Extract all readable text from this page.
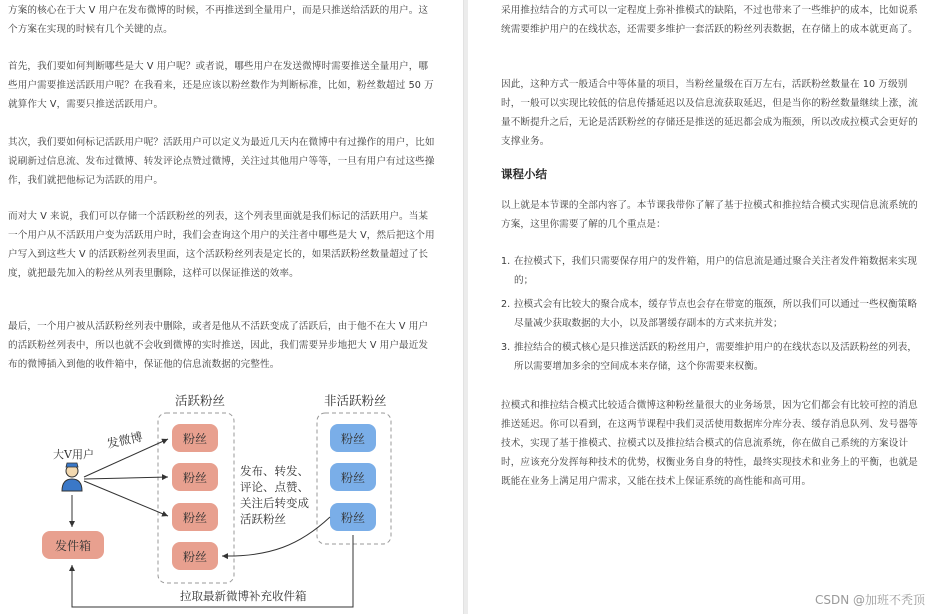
方案的核心在于大 V 用户在发布微博的时候，不再推送到全量用户，而是只推送给活跃的用户。这个方案在实现的时候有几个关键的点。

首先，我们要如何判断哪些是大 V 用户呢？或者说，哪些用户在发送微博时需要推送全量用户，哪些用户需要推送活跃用户呢？在我看来，还是应该以粉丝数作为判断标准，比如，粉丝数超过 50 万就算作大 V，需要只推送活跃用户。

其次，我们要如何标记活跃用户呢？活跃用户可以定义为最近几天内在微博中有过操作的用户，比如说刷新过信息流、发布过微博、转发评论点赞过微博，关注过其他用户等等，一旦有用户有过这些操作，我们就把他标记为活跃的用户。

而对大 V 来说，我们可以存储一个活跃粉丝的列表，这个列表里面就是我们标记的活跃用户。当某一个用户从不活跃用户变为活跃用户时，我们会查询这个用户的关注者中哪些是大 V，然后把这个用户写入到这些大 V 的活跃粉丝列表里面，这个活跃粉丝列表是定长的，如果活跃粉丝数量超过了长度，就把最先加入的粉丝从列表里删除，这样可以保证推送的效率。

最后，一个用户被从活跃粉丝列表中删除，或者是他从不活跃变成了活跃后，由于他不在大 V 用户的活跃粉丝列表中，所以也就不会收到微博的实时推送，因此，我们需要异步地把大 V 用户最近发布的微博插入到他的收件箱中，保证他的信息流数据的完整性。

活跃粉丝	非活跃粉丝
大V用户
发件箱
发微博	粉丝
粉丝
粉丝
粉丝
粉丝
粉丝
粉丝
发布、转发、
评论、点赞、
关注后转变成
活跃粉丝
拉取最新微博补充收件箱

采用推拉结合的方式可以一定程度上弥补推模式的缺陷，不过也带来了一些维护的成本，比如说系统需要维护用户的在线状态，还需要多维护一套活跃的粉丝列表数据，在存储上的成本就更高了。

因此，这种方式一般适合中等体量的项目，当粉丝量级在百万左右，活跃粉丝数量在 10 万级别时，一般可以实现比较低的信息传播延迟以及信息流获取延迟，但是当你的粉丝数量继续上涨，流量不断提升之后，无论是活跃粉丝的存储还是推送的延迟都会成为瓶颈，所以改成拉模式会更好的支撑业务。

课程小结

以上就是本节课的全部内容了。本节课我带你了解了基于拉模式和推拉结合模式实现信息流系统的方案，这里你需要了解的几个重点是：

1. 在拉模式下，我们只需要保存用户的发件箱，用户的信息流是通过聚合关注者发件箱数据来实现的；
2. 拉模式会有比较大的聚合成本，缓存节点也会存在带宽的瓶颈，所以我们可以通过一些权衡策略尽量减少获取数据的大小，以及部署缓存副本的方式来抗并发；
3. 推拉结合的模式核心是只推送活跃的粉丝用户，需要维护用户的在线状态以及活跃粉丝的列表，所以需要增加多余的空间成本来存储，这个你需要来权衡。

拉模式和推拉结合模式比较适合微博这种粉丝量很大的业务场景，因为它们都会有比较可控的消息推送延迟。你可以看到，在这两节课程中我们灵活使用数据库分库分表、缓存消息队列、发号器等技术，实现了基于推模式、拉模式以及推拉结合模式的信息流系统，你在做自己系统的方案设计时，应该充分发挥每种技术的优势，权衡业务自身的特性，最终实现技术和业务上的平衡，也就是既能在业务上满足用户需求，又能在技术上保证系统的高性能和高可用。

CSDN @加班不秃顶
